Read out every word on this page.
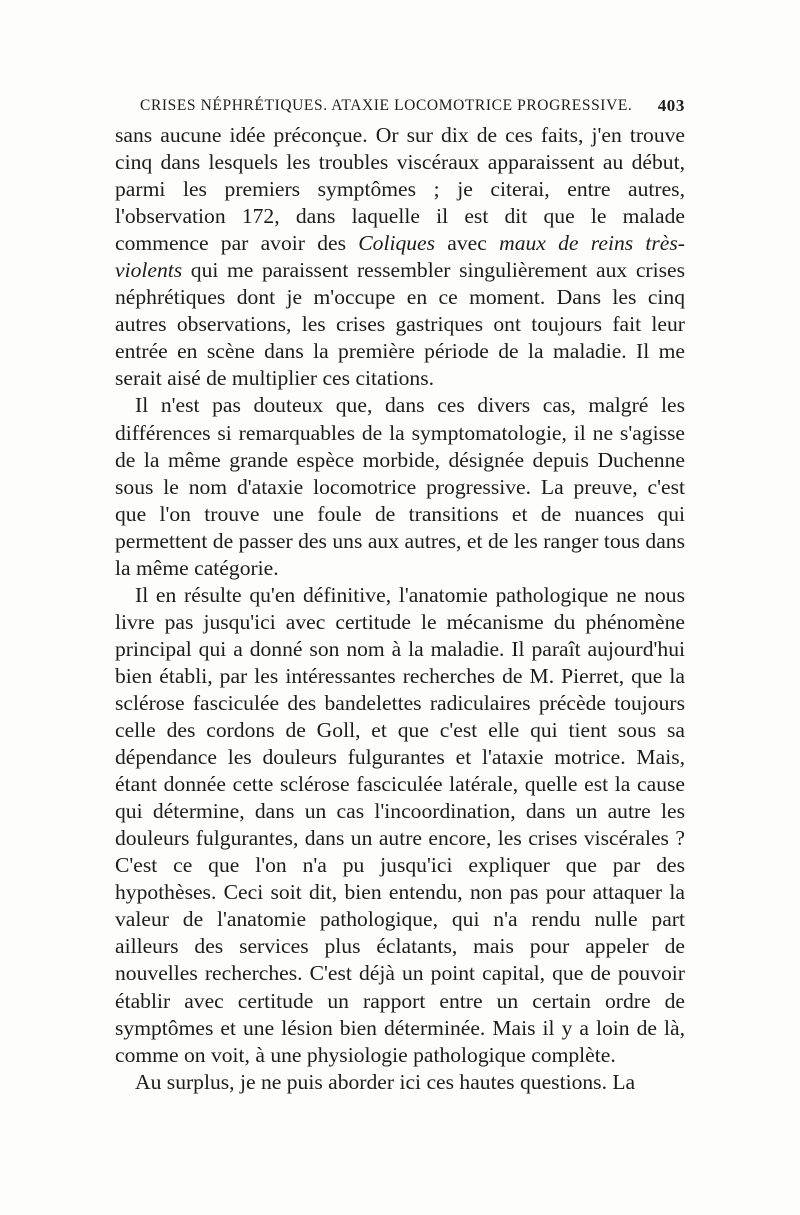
CRISES NÉPHRÉTIQUES. ATAXIE LOCOMOTRICE PROGRESSIVE. 403

sans aucune idée préconçue. Or sur dix de ces faits, j'en trouve cinq dans lesquels les troubles viscéraux apparaissent au début, parmi les premiers symptômes ; je citerai, entre autres, l'observation 172, dans laquelle il est dit que le malade commence par avoir des Coliques avec maux de reins très-violents qui me paraissent ressembler singulièrement aux crises néphrétiques dont je m'occupe en ce moment. Dans les cinq autres observations, les crises gastriques ont toujours fait leur entrée en scène dans la première période de la maladie. Il me serait aisé de multiplier ces citations.

Il n'est pas douteux que, dans ces divers cas, malgré les différences si remarquables de la symptomatologie, il ne s'agisse de la même grande espèce morbide, désignée depuis Duchenne sous le nom d'ataxie locomotrice progressive. La preuve, c'est que l'on trouve une foule de transitions et de nuances qui permettent de passer des uns aux autres, et de les ranger tous dans la même catégorie.

Il en résulte qu'en définitive, l'anatomie pathologique ne nous livre pas jusqu'ici avec certitude le mécanisme du phénomène principal qui a donné son nom à la maladie. Il paraît aujourd'hui bien établi, par les intéressantes recherches de M. Pierret, que la sclérose fasciculée des bandelettes radiculaires précède toujours celle des cordons de Goll, et que c'est elle qui tient sous sa dépendance les douleurs fulgurantes et l'ataxie motrice. Mais, étant donnée cette sclérose fasciculée latérale, quelle est la cause qui détermine, dans un cas l'incoordination, dans un autre les douleurs fulgurantes, dans un autre encore, les crises viscérales ? C'est ce que l'on n'a pu jusqu'ici expliquer que par des hypothèses. Ceci soit dit, bien entendu, non pas pour attaquer la valeur de l'anatomie pathologique, qui n'a rendu nulle part ailleurs des services plus éclatants, mais pour appeler de nouvelles recherches. C'est déjà un point capital, que de pouvoir établir avec certitude un rapport entre un certain ordre de symptômes et une lésion bien déterminée. Mais il y a loin de là, comme on voit, à une physiologie pathologique complète.

Au surplus, je ne puis aborder ici ces hautes questions. La
